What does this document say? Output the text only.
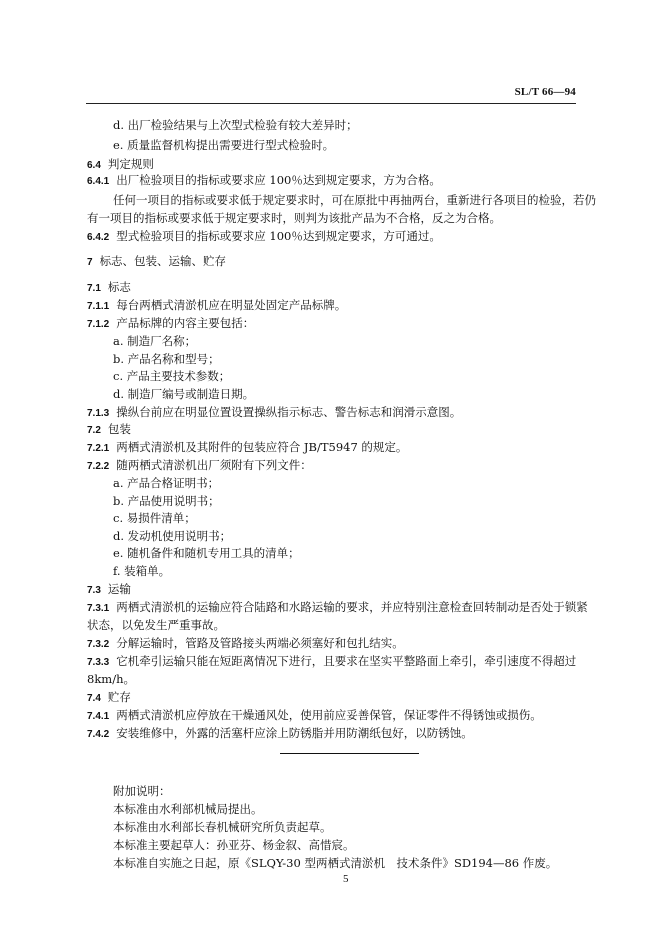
SL/T 66—94
d. 出厂检验结果与上次型式检验有较大差异时；
e. 质量监督机构提出需要进行型式检验时。
6.4 判定规则
6.4.1 出厂检验项目的指标或要求应 100％达到规定要求，方为合格。
任何一项目的指标或要求低于规定要求时，可在原批中再抽两台，重新进行各项目的检验，若仍
有一项目的指标或要求低于规定要求时，则判为该批产品为不合格，反之为合格。
6.4.2 型式检验项目的指标或要求应 100％达到规定要求，方可通过。
7 标志、包装、运输、贮存
7.1 标志
7.1.1 每台两栖式清淤机应在明显处固定产品标牌。
7.1.2 产品标牌的内容主要包括：
a. 制造厂名称；
b. 产品名称和型号；
c. 产品主要技术参数；
d. 制造厂编号或制造日期。
7.1.3 操纵台前应在明显位置设置操纵指示标志、警告标志和润滑示意图。
7.2 包装
7.2.1 两栖式清淤机及其附件的包装应符合 JB/T5947 的规定。
7.2.2 随两栖式清淤机出厂须附有下列文件：
a. 产品合格证明书；
b. 产品使用说明书；
c. 易损件清单；
d. 发动机使用说明书；
e. 随机备件和随机专用工具的清单；
f. 装箱单。
7.3 运输
7.3.1 两栖式清淤机的运输应符合陆路和水路运输的要求，并应特别注意检查回转制动是否处于锁紧
状态，以免发生严重事故。
7.3.2 分解运输时，管路及管路接头两端必须塞好和包扎结实。
7.3.3 它机牵引运输只能在短距离情况下进行，且要求在坚实平整路面上牵引，牵引速度不得超过
8km/h。
7.4 贮存
7.4.1 两栖式清淤机应停放在干燥通风处，使用前应妥善保管，保证零件不得锈蚀或损伤。
7.4.2 安装维修中，外露的活塞杆应涂上防锈脂并用防潮纸包好，以防锈蚀。
附加说明：
本标准由水利部机械局提出。
本标准由水利部长春机械研究所负责起草。
本标准主要起草人：孙亚芬、杨金叙、高惜宸。
本标准自实施之日起，原《SLQY-30 型两栖式清淤机　技术条件》SD194—86 作废。
5
